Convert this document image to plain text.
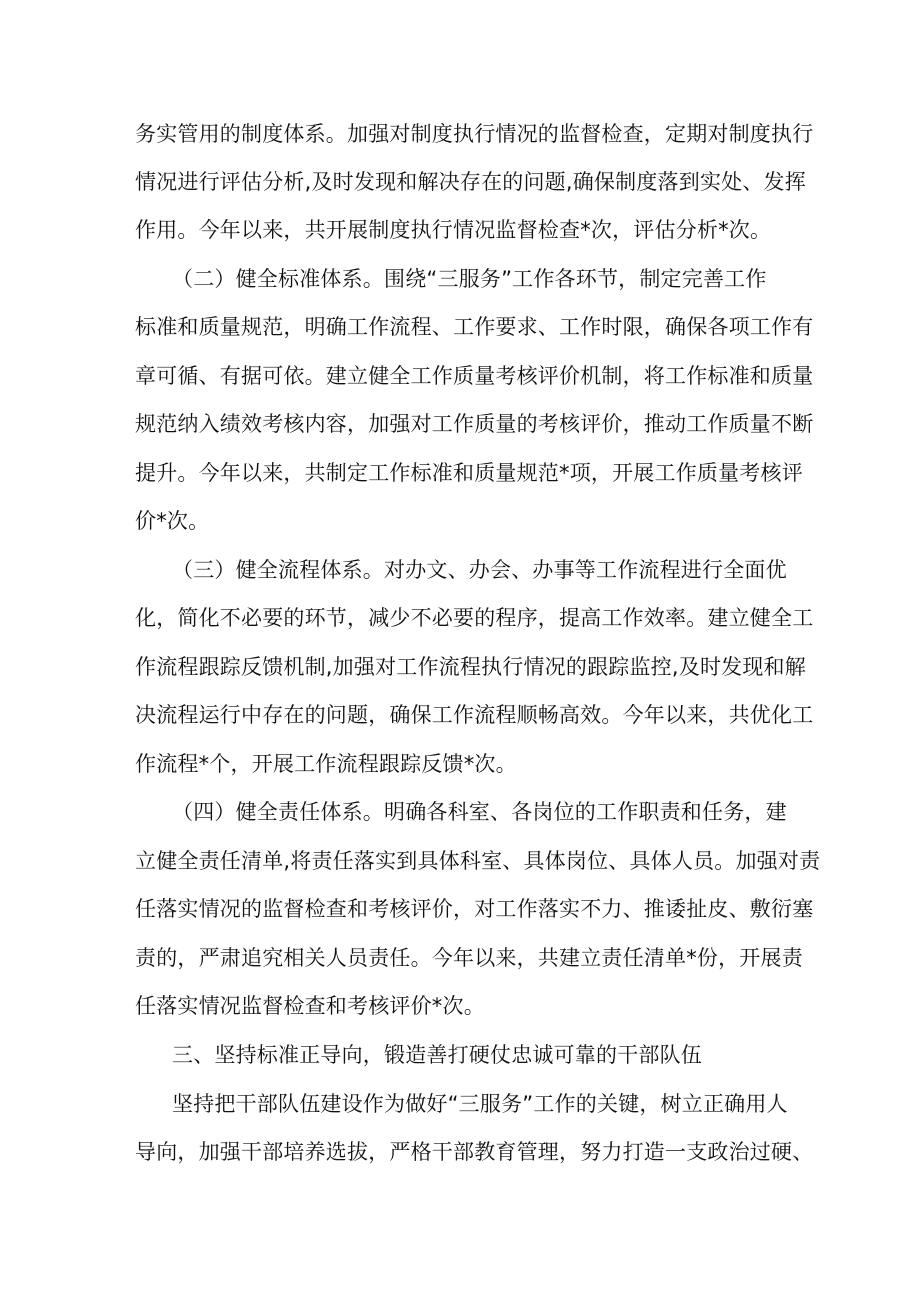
务实管用的制度体系。加强对制度执行情况的监督检查，定期对制度执行
情况进行评估分析,及时发现和解决存在的问题,确保制度落到实处、发挥
作用。今年以来，共开展制度执行情况监督检查*次，评估分析*次。
（二）健全标准体系。围绕“三服务”工作各环节，制定完善工作
标准和质量规范，明确工作流程、工作要求、工作时限，确保各项工作有
章可循、有据可依。建立健全工作质量考核评价机制，将工作标准和质量
规范纳入绩效考核内容，加强对工作质量的考核评价，推动工作质量不断
提升。今年以来，共制定工作标准和质量规范*项，开展工作质量考核评
价*次。
（三）健全流程体系。对办文、办会、办事等工作流程进行全面优
化，简化不必要的环节，减少不必要的程序，提高工作效率。建立健全工
作流程跟踪反馈机制,加强对工作流程执行情况的跟踪监控,及时发现和解
决流程运行中存在的问题，确保工作流程顺畅高效。今年以来，共优化工
作流程*个，开展工作流程跟踪反馈*次。
（四）健全责任体系。明确各科室、各岗位的工作职责和任务，建
立健全责任清单,将责任落实到具体科室、具体岗位、具体人员。加强对责
任落实情况的监督检查和考核评价，对工作落实不力、推诿扯皮、敷衍塞
责的，严肃追究相关人员责任。今年以来，共建立责任清单*份，开展责
任落实情况监督检查和考核评价*次。
三、坚持标准正导向，锻造善打硬仗忠诚可靠的干部队伍
坚持把干部队伍建设作为做好“三服务”工作的关键，树立正确用人
导向，加强干部培养选拔，严格干部教育管理，努力打造一支政治过硬、
